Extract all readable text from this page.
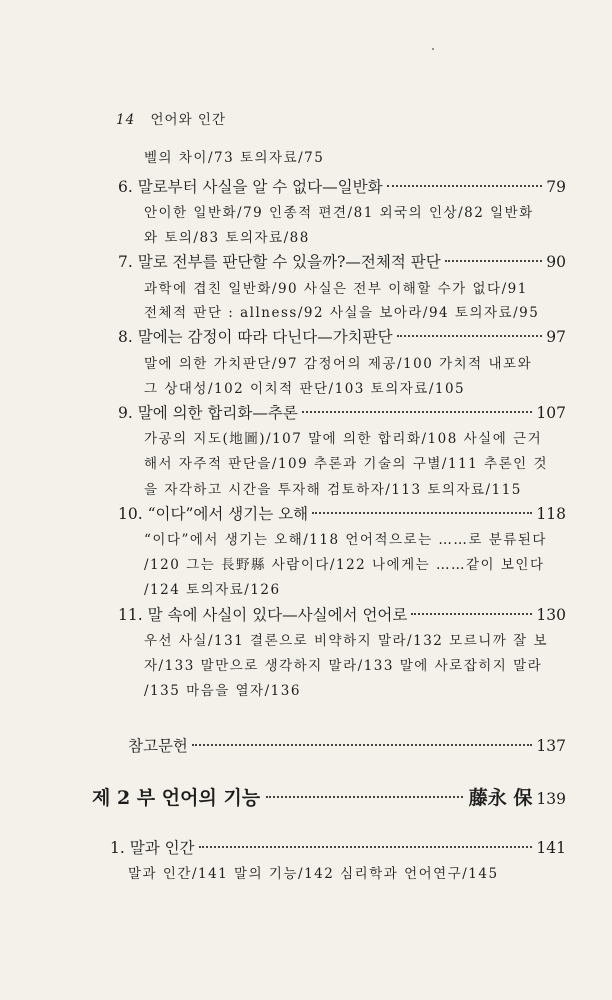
14 언어와 인간
벨의 차이/73 토의자료/75
6. 말로부터 사실을 알 수 없다—일반화	79
안이한 일반화/79 인종적 편견/81 외국의 인상/82 일반화
와 토의/83 토의자료/88
7. 말로 전부를 판단할 수 있을까?—전체적 판단	90
과학에 겹친 일반화/90 사실은 전부 이해할 수가 없다/91
전체적 판단 : allness/92 사실을 보아라/94 토의자료/95
8. 말에는 감정이 따라 다닌다—가치판단	97
말에 의한 가치판단/97 감정어의 제공/100 가치적 내포와
그 상대성/102 이치적 판단/103 토의자료/105
9. 말에 의한 합리화—추론	107
가공의 지도(地圖)/107 말에 의한 합리화/108 사실에 근거
해서 자주적 판단을/109 추론과 기술의 구별/111 추론인 것
을 자각하고 시간을 투자해 검토하자/113 토의자료/115
10. “이다”에서 생기는 오해	118
“이다”에서 생기는 오해/118 언어적으로는 ……로 분류된다
/120 그는 長野縣 사람이다/122 나에게는 ……같이 보인다
/124 토의자료/126
11. 말 속에 사실이 있다—사실에서 언어로	130
우선 사실/131 결론으로 비약하지 말라/132 모르니까 잘 보
자/133 말만으로 생각하지 말라/133 말에 사로잡히지 말라
/135 마음을 열자/136
참고문헌	137
제 2 부 언어의 기능	藤永 保 139
1. 말과 인간	141
말과 인간/141 말의 기능/142 심리학과 언어연구/145
